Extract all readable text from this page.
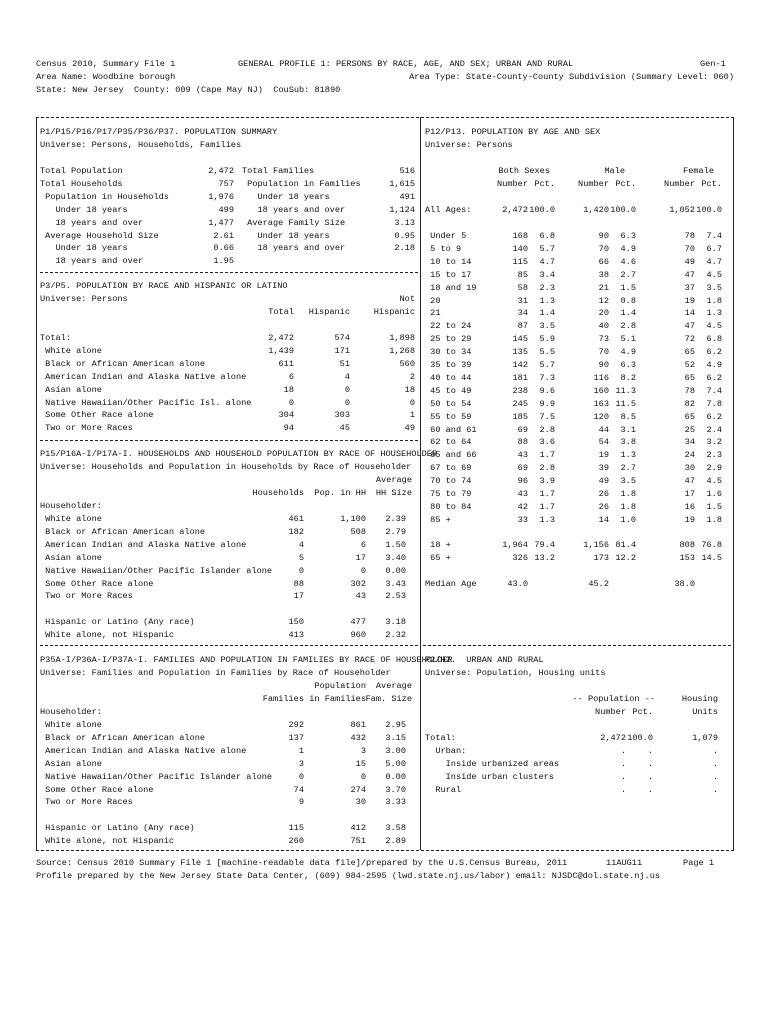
Census 2010, Summary File 1	GENERAL PROFILE 1: PERSONS BY RACE, AGE, AND SEX; URBAN AND RURAL	Gen-1
Area Name: Woodbine borough	Area Type: State-County-County Subdivision (Summary Level: 060)
State: New Jersey  County: 009 (Cape May NJ)  CouSub: 81890
Source: Census 2010 Summary File 1 [machine-readable data file]/prepared by the U.S.Census Bureau, 2011	11AUG11	Page 1
Profile prepared by the New Jersey State Data Center, (609) 984-2595 (lwd.state.nj.us/labor) email: NJSDC@dol.state.nj.us
P1/P15/P16/P17/P35/P36/P37. POPULATION SUMMARY
Universe: Persons, Households, Families
Total Population	2,472
Total Households	757
Population in Households	1,976
Under 18 years	499
18 years and over	1,477
Average Household Size	2.61
Under 18 years	0.66
18 years and over	1.95
Total Families	516
Population in Families	1,615
Under 18 years	491
18 years and over	1,124
Average Family Size	3.13
Under 18 years	0.95
18 years and over	2.18
P3/P5. POPULATION BY RACE AND HISPANIC OR LATINO
Universe: Persons	Not
Total	Hispanic	Hispanic
Total:	2,472	574	1,898
White alone	1,439	171	1,268
Black or African American alone	611	51	560
American Indian and Alaska Native alone	6	4	2
Asian alone	18	0	18
Native Hawaiian/Other Pacific Isl. alone	0	0	0
Some Other Race alone	304	303	1
Two or More Races	94	45	49
P15/P16A-I/P17A-I. HOUSEHOLDS AND HOUSEHOLD POPULATION BY RACE OF HOUSEHOLDER
Universe: Households and Population in Households by Race of Householder
Average
Households	Pop. in HH	HH Size
Householder:
White alone	461	1,100	2.39
Black or African American alone	182	508	2.79
American Indian and Alaska Native alone	4	6	1.50
Asian alone	5	17	3.40
Native Hawaiian/Other Pacific Islander alone	0	0	0.00
Some Other Race alone	88	302	3.43
Two or More Races	17	43	2.53
Hispanic or Latino (Any race)	150	477	3.18
White alone, not Hispanic	413	960	2.32
P35A-I/P36A-I/P37A-I. FAMILIES AND POPULATION IN FAMILIES BY RACE OF HOUSEHOLDER
Universe: Families and Population in Families by Race of Householder
Population	Average
Families in Families Fam. Size
Householder:
White alone	292	861	2.95
Black or African American alone	137	432	3.15
American Indian and Alaska Native alone	1	3	3.00
Asian alone	3	15	5.00
Native Hawaiian/Other Pacific Islander alone	0	0	0.00
Some Other Race alone	74	274	3.70
Two or More Races	9	30	3.33
Hispanic or Latino (Any race)	115	412	3.58
White alone, not Hispanic	260	751	2.89
P12/P13. POPULATION BY AGE AND SEX
Universe: Persons
Both Sexes	Male	Female
Number Pct.	Number Pct.	Number Pct.
All Ages:	2,472 100.0	1,420 100.0	1,052 100.0
Under 5	168	6.8	90	6.3	78	7.4
5 to 9	140	5.7	70	4.9	70	6.7
10 to 14	115	4.7	66	4.6	49	4.7
15 to 17	85	3.4	38	2.7	47	4.5
18 and 19	58	2.3	21	1.5	37	3.5
20	31	1.3	12	0.8	19	1.8
21	34	1.4	20	1.4	14	1.3
22 to 24	87	3.5	40	2.8	47	4.5
25 to 29	145	5.9	73	5.1	72	6.8
30 to 34	135	5.5	70	4.9	65	6.2
35 to 39	142	5.7	90	6.3	52	4.9
40 to 44	181	7.3	116	8.2	65	6.2
45 to 49	238	9.6	160 11.3	78	7.4
50 to 54	245	9.9	163 11.5	82	7.8
55 to 59	185	7.5	120	8.5	65	6.2
60 and 61	69	2.8	44	3.1	25	2.4
62 to 64	88	3.6	54	3.8	34	3.2
65 and 66	43	1.7	19	1.3	24	2.3
67 to 69	69	2.8	39	2.7	30	2.9
70 to 74	96	3.9	49	3.5	47	4.5
75 to 79	43	1.7	26	1.8	17	1.6
80 to 84	42	1.7	26	1.8	16	1.5
85 +	33	1.3	14	1.0	19	1.8
18 +	1,964 79.4	1,156 81.4	808 76.8
65 +	326 13.2	173 12.2	153 14.5
Median Age	43.0	45.2	38.0
P2/H2.  URBAN AND RURAL
Universe: Population, Housing units
-- Population --	Housing
Number Pct.	Units
Total:	2,472 100.0	1,079
Urban:	.	.	.
Inside urbanized areas	.	.	.
Inside urban clusters	.	.	.
Rural	.	.	.
